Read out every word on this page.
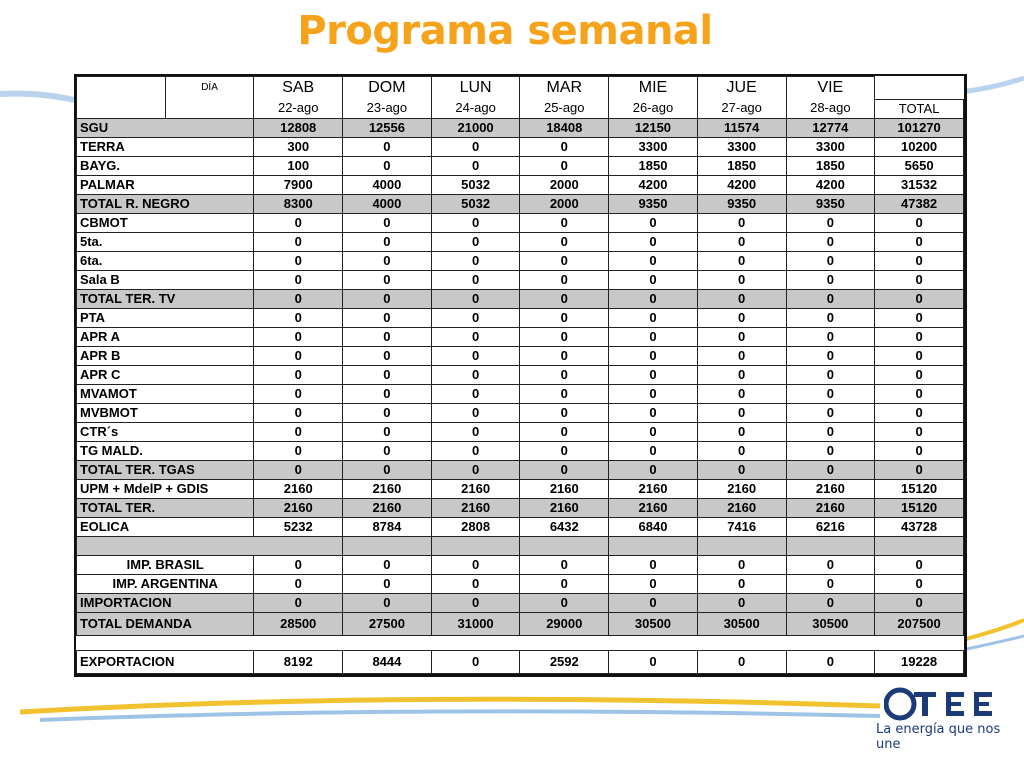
Programa semanal
	DÍA	SAB	DOM	LUN	MAR	MIE	JUE	VIE	
		22-ago	23-ago	24-ago	25-ago	26-ago	27-ago	28-ago	TOTAL
SGU		12808	12556	21000	18408	12150	11574	12774	101270
TERRA		300	0	0	0	3300	3300	3300	10200
BAYG.		100	0	0	0	1850	1850	1850	5650
PALMAR		7900	4000	5032	2000	4200	4200	4200	31532
TOTAL R. NEGRO		8300	4000	5032	2000	9350	9350	9350	47382
CBMOT		0	0	0	0	0	0	0	0
5ta.		0	0	0	0	0	0	0	0
6ta.		0	0	0	0	0	0	0	0
Sala B		0	0	0	0	0	0	0	0
TOTAL TER. TV		0	0	0	0	0	0	0	0
PTA		0	0	0	0	0	0	0	0
APR A		0	0	0	0	0	0	0	0
APR B		0	0	0	0	0	0	0	0
APR C		0	0	0	0	0	0	0	0
MVAMOT		0	0	0	0	0	0	0	0
MVBMOT		0	0	0	0	0	0	0	0
CTR´s		0	0	0	0	0	0	0	0
TG MALD.		0	0	0	0	0	0	0	0
TOTAL TER. TGAS		0	0	0	0	0	0	0	0
UPM + MdelP + GDIS		2160	2160	2160	2160	2160	2160	2160	15120
TOTAL TER.		2160	2160	2160	2160	2160	2160	2160	15120
EOLICA		5232	8784	2808	6432	6840	7416	6216	43728

IMP. BRASIL		0	0	0	0	0	0	0	0
IMP. ARGENTINA		0	0	0	0	0	0	0	0
IMPORTACION		0	0	0	0	0	0	0	0
TOTAL DEMANDA		28500	27500	31000	29000	30500	30500	30500	207500

EXPORTACION		8192	8444	0	2592	0	0	0	19228
La energía que nos une
